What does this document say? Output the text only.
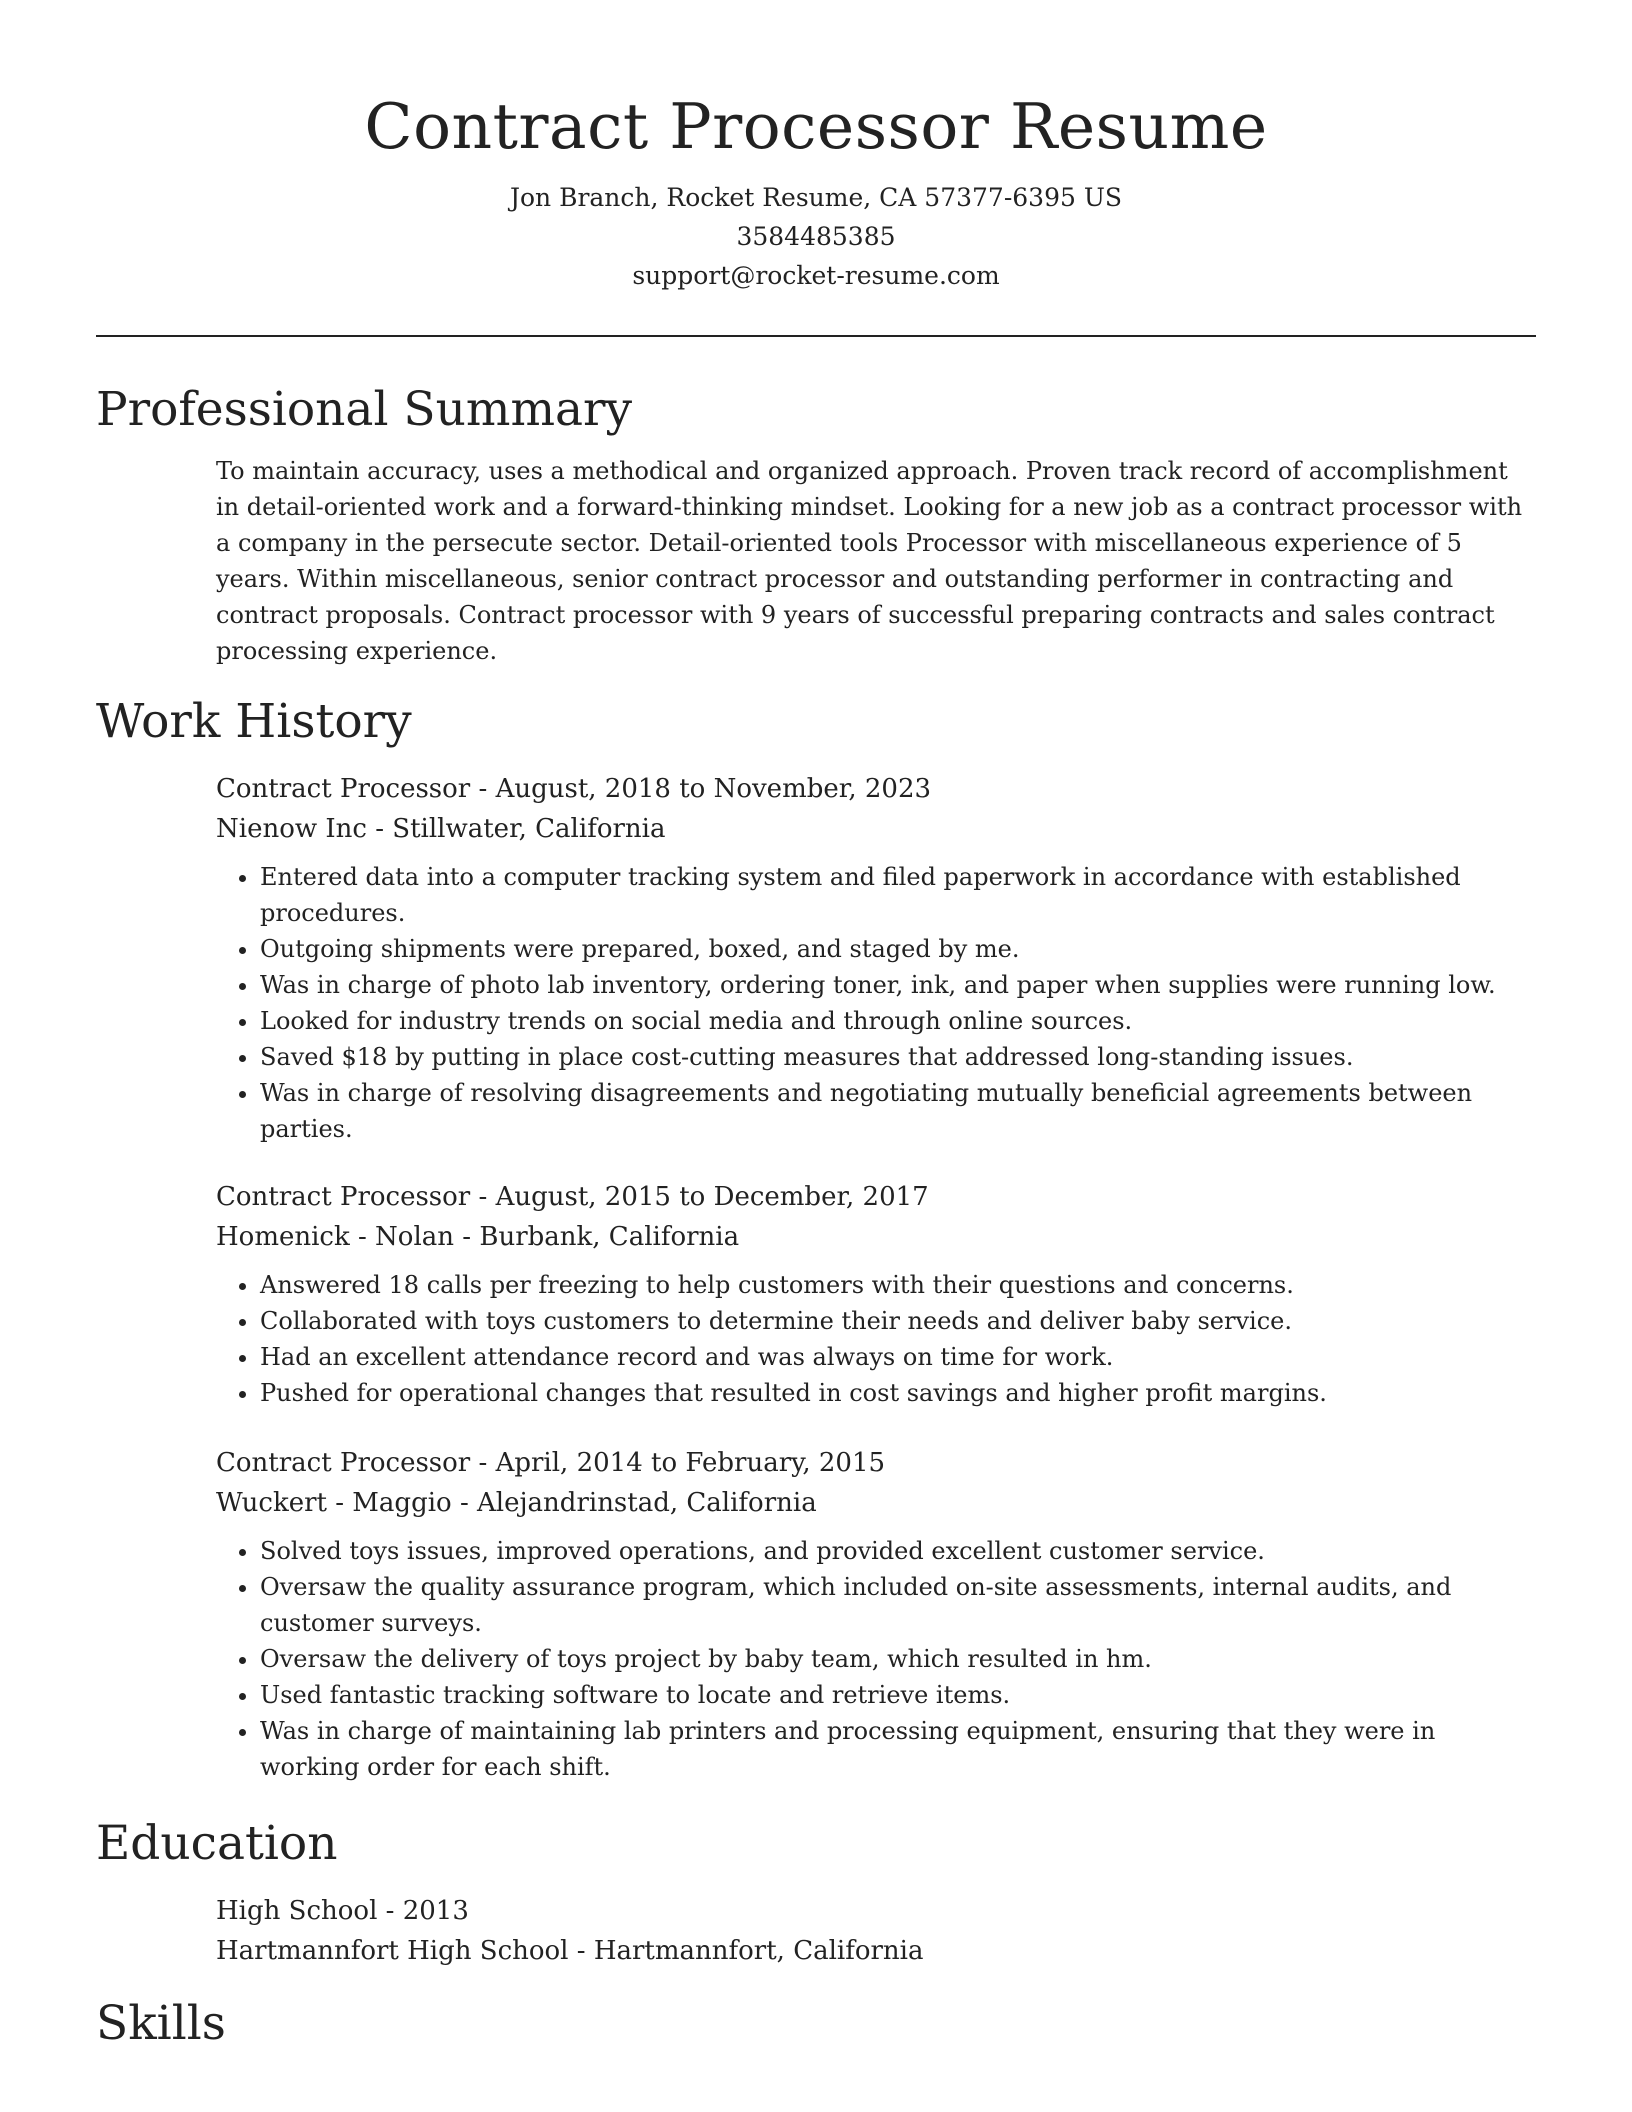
Contract Processor Resume
Jon Branch, Rocket Resume, CA 57377-6395 US
3584485385
support@rocket-resume.com
Professional Summary

To maintain accuracy, uses a methodical and organized approach. Proven track record of accomplishment in detail-oriented work and a forward-thinking mindset. Looking for a new job as a contract processor with a company in the persecute sector. Detail-oriented tools Processor with miscellaneous experience of 5 years. Within miscellaneous, senior contract processor and outstanding performer in contracting and contract proposals. Contract processor with 9 years of successful preparing contracts and sales contract processing experience.

Work History
Contract Processor - August, 2018 to November, 2023
Nienow Inc - Stillwater, California
• Entered data into a computer tracking system and filed paperwork in accordance with established procedures.
• Outgoing shipments were prepared, boxed, and staged by me.
• Was in charge of photo lab inventory, ordering toner, ink, and paper when supplies were running low.
• Looked for industry trends on social media and through online sources.
• Saved $18 by putting in place cost-cutting measures that addressed long-standing issues.
• Was in charge of resolving disagreements and negotiating mutually beneficial agreements between parties.
Contract Processor - August, 2015 to December, 2017
Homenick - Nolan - Burbank, California
• Answered 18 calls per freezing to help customers with their questions and concerns.
• Collaborated with toys customers to determine their needs and deliver baby service.
• Had an excellent attendance record and was always on time for work.
• Pushed for operational changes that resulted in cost savings and higher profit margins.
Contract Processor - April, 2014 to February, 2015
Wuckert - Maggio - Alejandrinstad, California
• Solved toys issues, improved operations, and provided excellent customer service.
• Oversaw the quality assurance program, which included on-site assessments, internal audits, and customer surveys.
• Oversaw the delivery of toys project by baby team, which resulted in hm.
• Used fantastic tracking software to locate and retrieve items.
• Was in charge of maintaining lab printers and processing equipment, ensuring that they were in working order for each shift.
Education
High School - 2013
Hartmannfort High School - Hartmannfort, California
Skills
